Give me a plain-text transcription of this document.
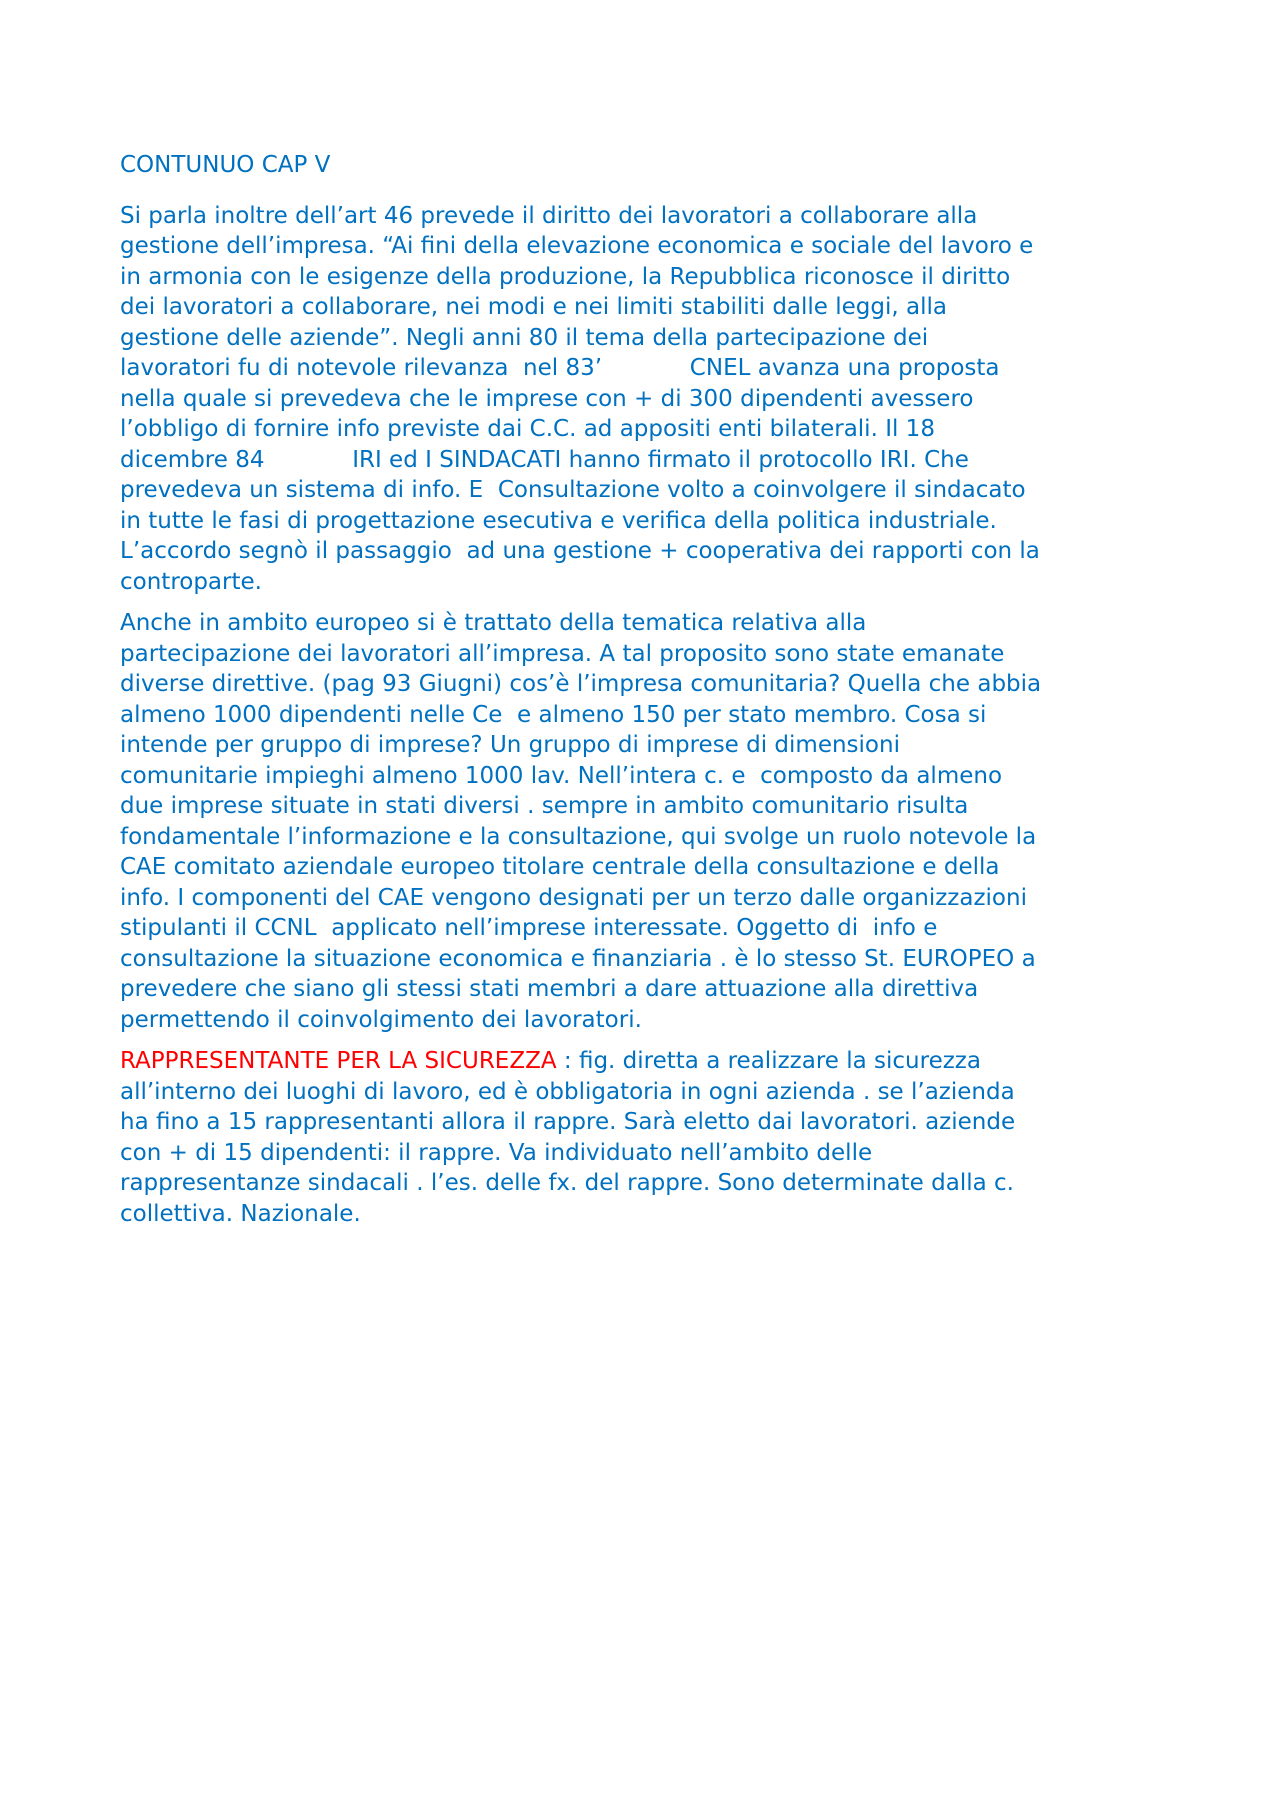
CONTUNUO CAP V

Si parla inoltre dell’art 46 prevede il diritto dei lavoratori a collaborare alla
gestione dell’impresa. “Ai fini della elevazione economica e sociale del lavoro e
in armonia con le esigenze della produzione, la Repubblica riconosce il diritto
dei lavoratori a collaborare, nei modi e nei limiti stabiliti dalle leggi, alla
gestione delle aziende”. Negli anni 80 il tema della partecipazione dei
lavoratori fu di notevole rilevanza  nel 83’            CNEL avanza una proposta
nella quale si prevedeva che le imprese con + di 300 dipendenti avessero
l’obbligo di fornire info previste dai C.C. ad appositi enti bilaterali. Il 18
dicembre 84            IRI ed I SINDACATI hanno firmato il protocollo IRI. Che
prevedeva un sistema di info. E  Consultazione volto a coinvolgere il sindacato
in tutte le fasi di progettazione esecutiva e verifica della politica industriale.
L’accordo segnò il passaggio  ad una gestione + cooperativa dei rapporti con la
controparte.

Anche in ambito europeo si è trattato della tematica relativa alla
partecipazione dei lavoratori all’impresa. A tal proposito sono state emanate
diverse direttive. (pag 93 Giugni) cos’è l’impresa comunitaria? Quella che abbia
almeno 1000 dipendenti nelle Ce  e almeno 150 per stato membro. Cosa si
intende per gruppo di imprese? Un gruppo di imprese di dimensioni
comunitarie impieghi almeno 1000 lav. Nell’intera c. e  composto da almeno
due imprese situate in stati diversi . sempre in ambito comunitario risulta
fondamentale l’informazione e la consultazione, qui svolge un ruolo notevole la
CAE comitato aziendale europeo titolare centrale della consultazione e della
info. I componenti del CAE vengono designati per un terzo dalle organizzazioni
stipulanti il CCNL  applicato nell’imprese interessate. Oggetto di  info e
consultazione la situazione economica e finanziaria . è lo stesso St. EUROPEO a
prevedere che siano gli stessi stati membri a dare attuazione alla direttiva
permettendo il coinvolgimento dei lavoratori.

RAPPRESENTANTE PER LA SICUREZZA : fig. diretta a realizzare la sicurezza
all’interno dei luoghi di lavoro, ed è obbligatoria in ogni azienda . se l’azienda
ha fino a 15 rappresentanti allora il rappre. Sarà eletto dai lavoratori. aziende
con + di 15 dipendenti: il rappre. Va individuato nell’ambito delle
rappresentanze sindacali . l’es. delle fx. del rappre. Sono determinate dalla c.
collettiva. Nazionale.
